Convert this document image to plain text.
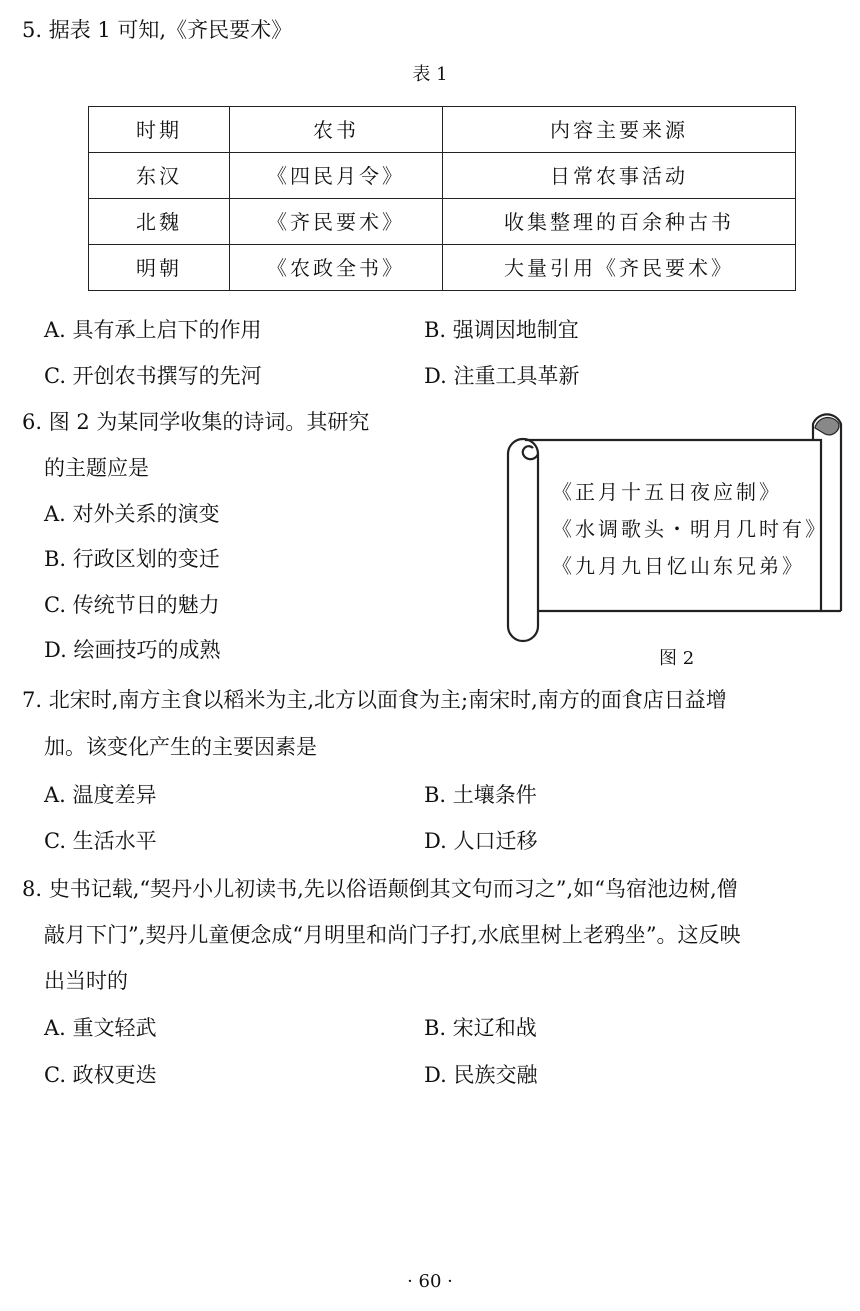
5. 据表 1 可知,《齐民要术》
表 1
时期	农书	内容主要来源
东汉	《四民月令》	日常农事活动
北魏	《齐民要术》	收集整理的百余种古书
明朝	《农政全书》	大量引用《齐民要术》
A. 具有承上启下的作用	B. 强调因地制宜
C. 开创农书撰写的先河	D. 注重工具革新
6. 图 2 为某同学收集的诗词。其研究
的主题应是
A. 对外关系的演变
B. 行政区划的变迁
C. 传统节日的魅力
D. 绘画技巧的成熟
《正月十五日夜应制》
《水调歌头・明月几时有》
《九月九日忆山东兄弟》
图 2
7. 北宋时,南方主食以稻米为主,北方以面食为主;南宋时,南方的面食店日益增
加。该变化产生的主要因素是
A. 温度差异	B. 土壤条件
C. 生活水平	D. 人口迁移
8. 史书记载,“契丹小儿初读书,先以俗语颠倒其文句而习之”,如“鸟宿池边树,僧
敲月下门”,契丹儿童便念成“月明里和尚门子打,水底里树上老鸦坐”。这反映
出当时的
A. 重文轻武	B. 宋辽和战
C. 政权更迭	D. 民族交融
· 60 ·
